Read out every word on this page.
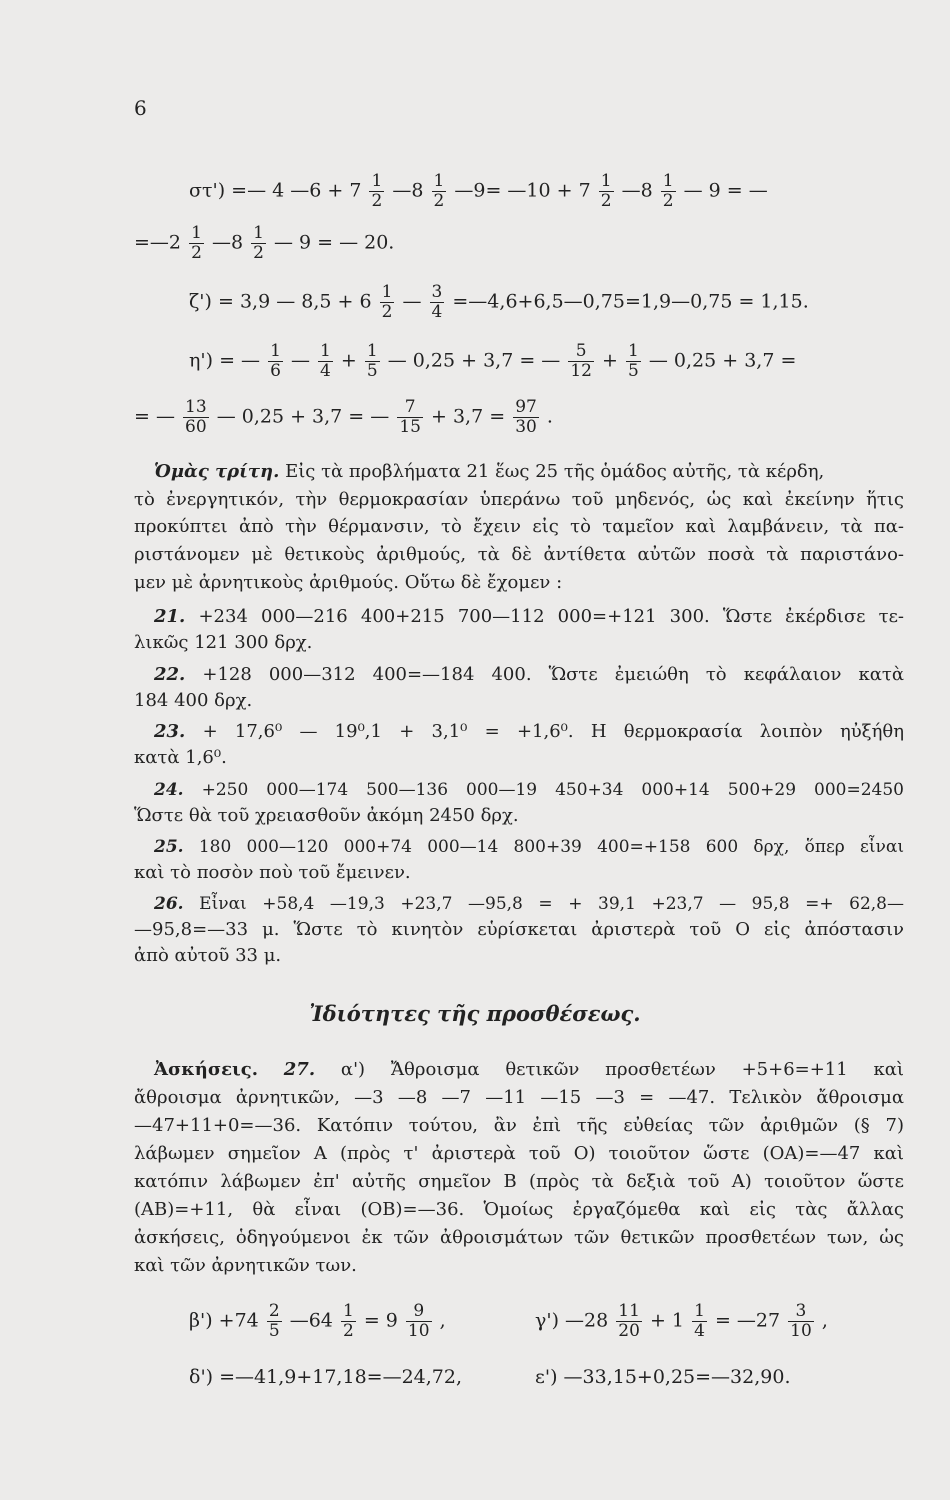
6
στ') =— 4 —6 + $7 \frac{1}{2}$ —8 $\frac{1}{2}$ —9= —10 + $7 \frac{1}{2}$ —8 $\frac{1}{2}$ — 9 = —
=—2 $\frac{1}{2}$ —8 $\frac{1}{2}$ — 9 = — 20.
ζ') = 3,9 — $8,5 + 6 \frac{1}{2}$ — $\frac{3}{4}$ =—4,6+6,5—0,75=1,9—0,75 = 1,15.
η') = — $\frac{1}{6}$ — $\frac{1}{4} + \frac{1}{5}$ — 0,25 + 3,7 = — $\frac{5}{12} + \frac{1}{5}$ — 0,25 + 3,7 =
= — $\frac{13}{60}$ — 0,25 + 3,7 = — $\frac{7}{15} + 3,7 = \frac{97}{30}$ .
Ὁμὰς τρίτη. Εἰς τὰ προβλήματα 21 ἕως 25 τῆς ὁμάδος αὐτῆς, τὰ κέρδη,
τὸ ἐνεργητικόν, τὴν θερμοκρασίαν ὑπεράνω τοῦ μηδενός, ὡς καὶ ἐκείνην ἥτις
προκύπτει ἀπὸ τὴν θέρμανσιν, τὸ ἔχειν εἰς τὸ ταμεῖον καὶ λαμβάνειν, τὰ πα-
ριστάνομεν μὲ θετικοὺς ἀριθμούς, τὰ δὲ ἀντίθετα αὐτῶν ποσὰ τὰ παριστάνο-
μεν μὲ ἀρνητικοὺς ἀριθμούς. Οὕτω δὲ ἔχομεν :
21. +234 000—216 400+215 700—112 000=+121 300. Ὥστε ἐκέρδισε τε-
λικῶς 121 300 δρχ.
22. +128 000—312 400=—184 400. Ὥστε ἐμειώθη τὸ κεφάλαιον κατὰ
184 400 δρχ.
23. + 17,6⁰ — 19⁰,1 + 3,1⁰ = +1,6⁰. Η θερμοκρασία λοιπὸν ηὐξήθη
κατὰ 1,6⁰.
24. +250 000—174 500—136 000—19 450+34 000+14 500+29 000=2450
Ὥστε θὰ τοῦ χρειασθοῦν ἀκόμη 2450 δρχ.
25. 180 000—120 000+74 000—14 800+39 400=+158 600 δρχ, ὅπερ εἶναι
καὶ τὸ ποσὸν ποὺ τοῦ ἔμεινεν.
26. Εἶναι +58,4 —19,3 +23,7 —95,8 = + 39,1 +23,7 — 95,8 =+ 62,8—
—95,8=—33 μ. Ὥστε τὸ κινητὸν εὑρίσκεται ἀριστερὰ τοῦ Ο εἰς ἀπόστασιν
ἀπὸ αὐτοῦ 33 μ.
Ἰδιότητες τῆς προσθέσεως.
Ἀσκήσεις. 27. α') Ἄθροισμα θετικῶν προσθετέων +5+6=+11 καὶ
ἄθροισμα ἀρνητικῶν, —3 —8 —7 —11 —15 —3 = —47. Τελικὸν ἄθροισμα
—47+11+0=—36. Κατόπιν τούτου, ἂν ἐπὶ τῆς εὐθείας τῶν ἀριθμῶν (§ 7)
λάβωμεν σημεῖον Α (πρὸς τ' ἀριστερὰ τοῦ Ο) τοιοῦτον ὥστε (ΟΑ)=—47 καὶ
κατόπιν λάβωμεν ἐπ' αὐτῆς σημεῖον Β (πρὸς τὰ δεξιὰ τοῦ Α) τοιοῦτον ὥστε
(ΑΒ)=+11, θὰ εἶναι (ΟΒ)=—36. Ὁμοίως ἐργαζόμεθα καὶ εἰς τὰς ἄλλας
ἀσκήσεις, ὁδηγούμενοι ἐκ τῶν ἀθροισμάτων τῶν θετικῶν προσθετέων των, ὡς
καὶ τῶν ἀρνητικῶν των.
$\beta') +74 \frac{2}{5}$ —64 $\frac{1}{2} = 9 \frac{9}{10}$ ,	γ') —28 $\frac{11}{20} + 1 \frac{1}{4}$ = —27 $\frac{3}{10}$ ,
δ') =—41,9+17,18=—24,72,	ε') —33,15+0,25=—32,90.
